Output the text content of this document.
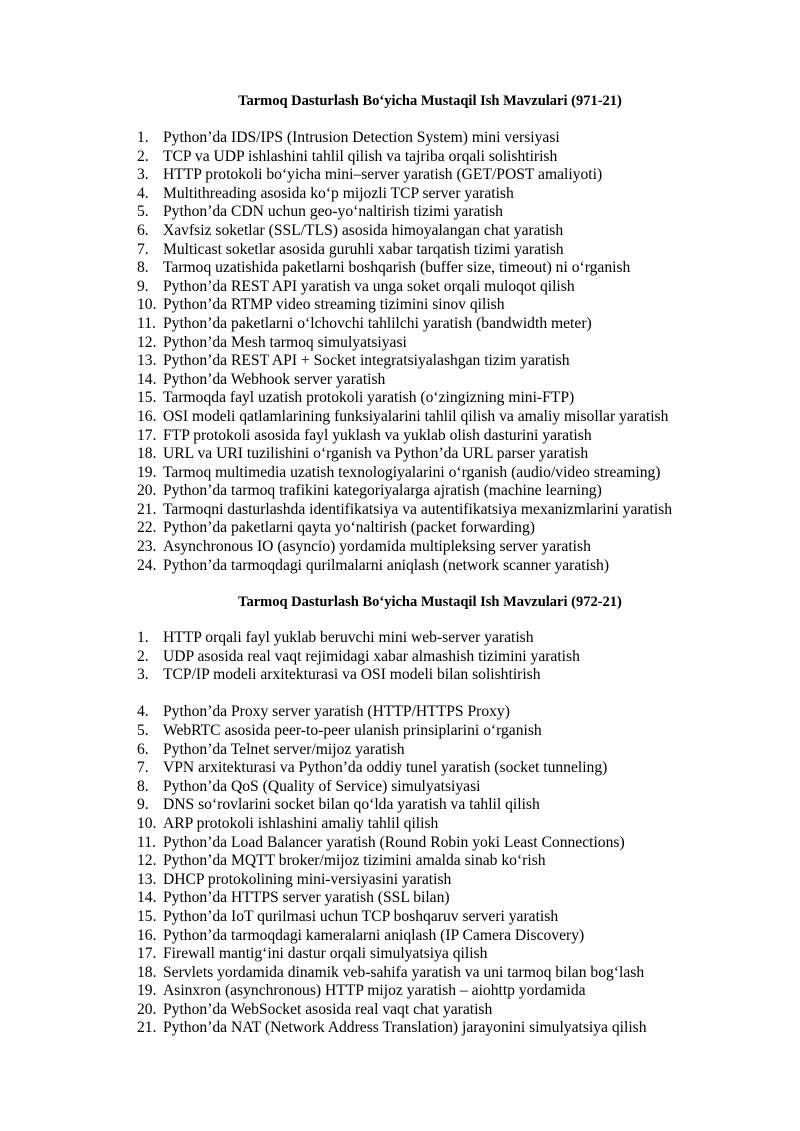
Tarmoq Dasturlash Bo‘yicha Mustaqil Ish Mavzulari (971-21)
1. Python’da IDS/IPS (Intrusion Detection System) mini versiyasi
2. TCP va UDP ishlashini tahlil qilish va tajriba orqali solishtirish
3. HTTP protokoli bo‘yicha mini–server yaratish (GET/POST amaliyoti)
4. Multithreading asosida ko‘p mijozli TCP server yaratish
5. Python’da CDN uchun geo-yo‘naltirish tizimi yaratish
6. Xavfsiz soketlar (SSL/TLS) asosida himoyalangan chat yaratish
7. Multicast soketlar asosida guruhli xabar tarqatish tizimi yaratish
8. Tarmoq uzatishida paketlarni boshqarish (buffer size, timeout) ni o‘rganish
9. Python’da REST API yaratish va unga soket orqali muloqot qilish
10. Python’da RTMP video streaming tizimini sinov qilish
11. Python’da paketlarni o‘lchovchi tahlilchi yaratish (bandwidth meter)
12. Python’da Mesh tarmoq simulyatsiyasi
13. Python’da REST API + Socket integratsiyalashgan tizim yaratish
14. Python’da Webhook server yaratish
15. Tarmoqda fayl uzatish protokoli yaratish (o‘zingizning mini-FTP)
16. OSI modeli qatlamlarining funksiyalarini tahlil qilish va amaliy misollar yaratish
17. FTP protokoli asosida fayl yuklash va yuklab olish dasturini yaratish
18. URL va URI tuzilishini o‘rganish va Python’da URL parser yaratish
19. Tarmoq multimedia uzatish texnologiyalarini o‘rganish (audio/video streaming)
20. Python’da tarmoq trafikini kategoriyalarga ajratish (machine learning)
21. Tarmoqni dasturlashda identifikatsiya va autentifikatsiya mexanizmlarini yaratish
22. Python’da paketlarni qayta yo‘naltirish (packet forwarding)
23. Asynchronous IO (asyncio) yordamida multipleksing server yaratish
24. Python’da tarmoqdagi qurilmalarni aniqlash (network scanner yaratish)
Tarmoq Dasturlash Bo‘yicha Mustaqil Ish Mavzulari (972-21)
1. HTTP orqali fayl yuklab beruvchi mini web-server yaratish
2. UDP asosida real vaqt rejimidagi xabar almashish tizimini yaratish
3. TCP/IP modeli arxitekturasi va OSI modeli bilan solishtirish
4. Python’da Proxy server yaratish (HTTP/HTTPS Proxy)
5. WebRTC asosida peer-to-peer ulanish prinsiplarini o‘rganish
6. Python’da Telnet server/mijoz yaratish
7. VPN arxitekturasi va Python’da oddiy tunel yaratish (socket tunneling)
8. Python’da QoS (Quality of Service) simulyatsiyasi
9. DNS so‘rovlarini socket bilan qo‘lda yaratish va tahlil qilish
10. ARP protokoli ishlashini amaliy tahlil qilish
11. Python’da Load Balancer yaratish (Round Robin yoki Least Connections)
12. Python’da MQTT broker/mijoz tizimini amalda sinab ko‘rish
13. DHCP protokolining mini-versiyasini yaratish
14. Python’da HTTPS server yaratish (SSL bilan)
15. Python’da IoT qurilmasi uchun TCP boshqaruv serveri yaratish
16. Python’da tarmoqdagi kameralarni aniqlash (IP Camera Discovery)
17. Firewall mantig‘ini dastur orqali simulyatsiya qilish
18. Servlets yordamida dinamik veb-sahifa yaratish va uni tarmoq bilan bog‘lash
19. Asinxron (asynchronous) HTTP mijoz yaratish – aiohttp yordamida
20. Python’da WebSocket asosida real vaqt chat yaratish
21. Python’da NAT (Network Address Translation) jarayonini simulyatsiya qilish
